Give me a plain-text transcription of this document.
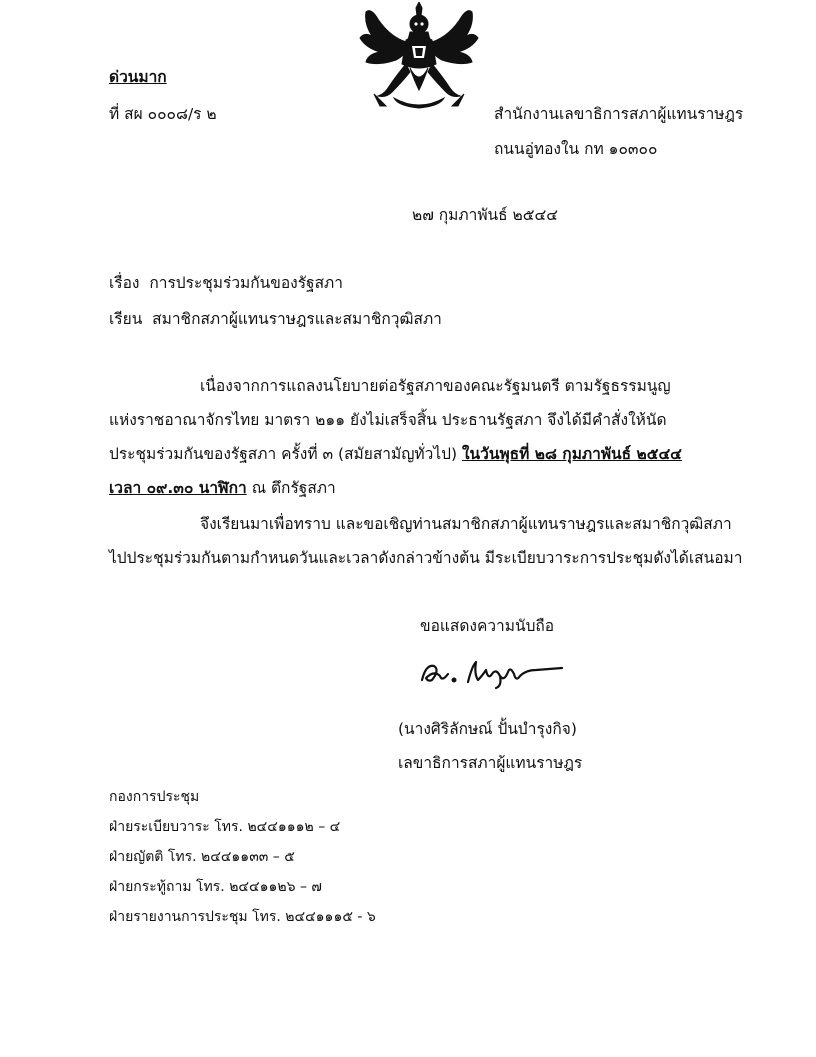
ด่วนมาก
ที่ สผ ๐๐๐๘/ร ๒	สำนักงานเลขาธิการสภาผู้แทนราษฎร
ถนนอู่ทองใน กท ๑๐๓๐๐
๒๗ กุมภาพันธ์ ๒๕๔๔
เรื่อง การประชุมร่วมกันของรัฐสภา
เรียน สมาชิกสภาผู้แทนราษฎรและสมาชิกวุฒิสภา
เนื่องจากการแถลงนโยบายต่อรัฐสภาของคณะรัฐมนตรี ตามรัฐธรรมนูญ
แห่งราชอาณาจักรไทย มาตรา ๒๑๑ ยังไม่เสร็จสิ้น ประธานรัฐสภา จึงได้มีคำสั่งให้นัด
ประชุมร่วมกันของรัฐสภา ครั้งที่ ๓ (สมัยสามัญทั่วไป) ในวันพุธที่ ๒๘ กุมภาพันธ์ ๒๕๔๔
เวลา ๐๙.๓๐ นาฬิกา ณ ตึกรัฐสภา
จึงเรียนมาเพื่อทราบ และขอเชิญท่านสมาชิกสภาผู้แทนราษฎรและสมาชิกวุฒิสภา
ไปประชุมร่วมกันตามกำหนดวันและเวลาดังกล่าวข้างต้น มีระเบียบวาระการประชุมดังได้เสนอมา
ขอแสดงความนับถือ
(นางศิริลักษณ์ ปั้นบำรุงกิจ)
เลขาธิการสภาผู้แทนราษฎร
กองการประชุม
ฝ่ายระเบียบวาระ โทร. ๒๔๔๑๑๑๒ – ๔
ฝ่ายญัตติ โทร. ๒๔๔๑๑๓๓ – ๕
ฝ่ายกระทู้ถาม โทร. ๒๔๔๑๑๒๖ – ๗
ฝ่ายรายงานการประชุม โทร. ๒๔๔๑๑๑๕ - ๖
